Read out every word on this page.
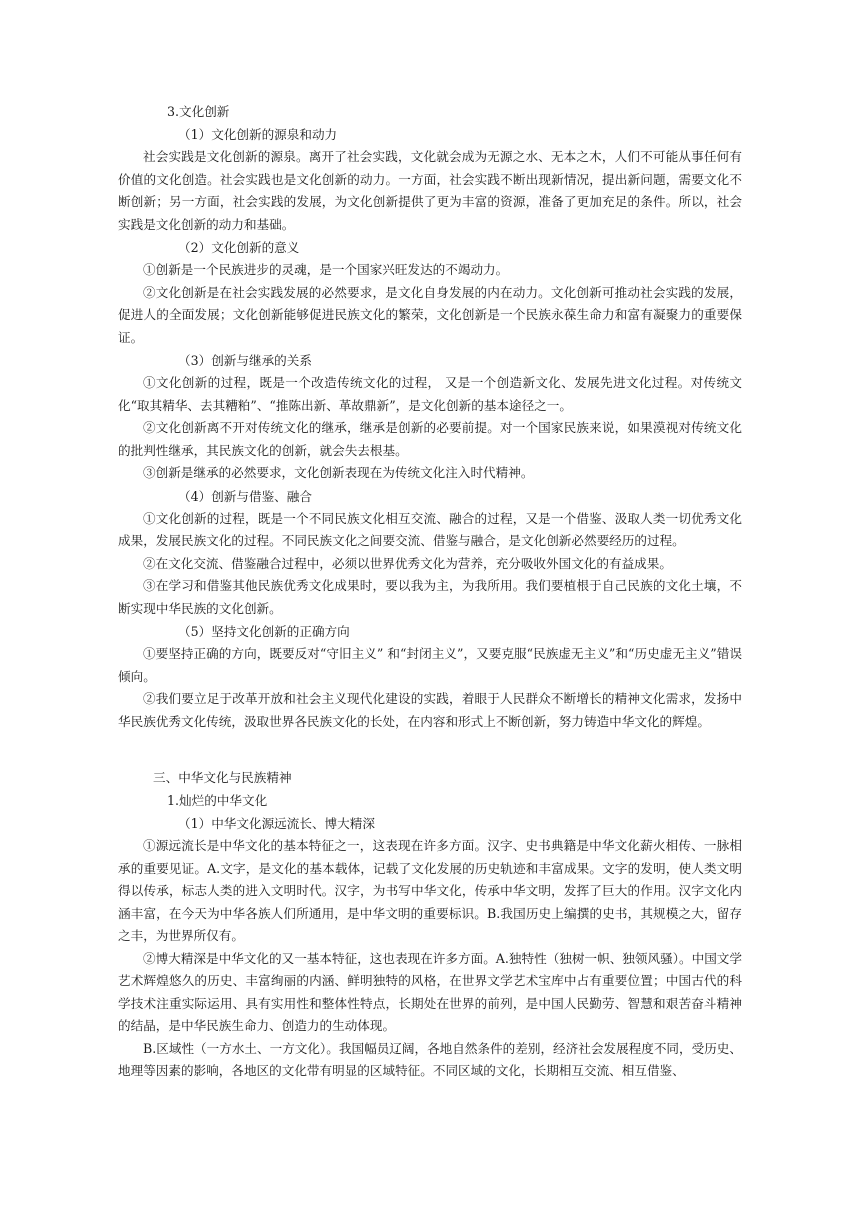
3.文化创新

（1）文化创新的源泉和动力

社会实践是文化创新的源泉。离开了社会实践，文化就会成为无源之水、无本之木，人们不可能从事任何有价值的文化创造。社会实践也是文化创新的动力。一方面，社会实践不断出现新情况，提出新问题，需要文化不断创新；另一方面，社会实践的发展，为文化创新提供了更为丰富的资源，准备了更加充足的条件。所以，社会实践是文化创新的动力和基础。

（2）文化创新的意义

①创新是一个民族进步的灵魂，是一个国家兴旺发达的不竭动力。

②文化创新是在社会实践发展的必然要求，是文化自身发展的内在动力。文化创新可推动社会实践的发展，促进人的全面发展；文化创新能够促进民族文化的繁荣，文化创新是一个民族永葆生命力和富有凝聚力的重要保证。

（3）创新与继承的关系

①文化创新的过程，既是一个改造传统文化的过程， 又是一个创造新文化、发展先进文化过程。对传统文化“取其精华、去其糟粕”、“推陈出新、革故鼎新”，是文化创新的基本途径之一。

②文化创新离不开对传统文化的继承，继承是创新的必要前提。对一个国家民族来说，如果漠视对传统文化的批判性继承，其民族文化的创新，就会失去根基。

③创新是继承的必然要求，文化创新表现在为传统文化注入时代精神。

（4）创新与借鉴、融合

①文化创新的过程，既是一个不同民族文化相互交流、融合的过程，又是一个借鉴、汲取人类一切优秀文化成果，发展民族文化的过程。不同民族文化之间要交流、借鉴与融合，是文化创新必然要经历的过程。

②在文化交流、借鉴融合过程中，必须以世界优秀文化为营养，充分吸收外国文化的有益成果。

③在学习和借鉴其他民族优秀文化成果时，要以我为主，为我所用。我们要植根于自己民族的文化土壤，不断实现中华民族的文化创新。

（5）坚持文化创新的正确方向

①要坚持正确的方向，既要反对“守旧主义” 和“封闭主义”，又要克服“民族虚无主义”和“历史虚无主义”错误倾向。

②我们要立足于改革开放和社会主义现代化建设的实践，着眼于人民群众不断增长的精神文化需求，发扬中华民族优秀文化传统，汲取世界各民族文化的长处，在内容和形式上不断创新，努力铸造中华文化的辉煌。

三、中华文化与民族精神

1.灿烂的中华文化

（1）中华文化源远流长、博大精深

①源远流长是中华文化的基本特征之一，这表现在许多方面。汉字、史书典籍是中华文化薪火相传、一脉相承的重要见证。A.文字，是文化的基本载体，记载了文化发展的历史轨迹和丰富成果。文字的发明，使人类文明得以传承，标志人类的进入文明时代。汉字，为书写中华文化，传承中华文明，发挥了巨大的作用。汉字文化内涵丰富，在今天为中华各族人们所通用，是中华文明的重要标识。B.我国历史上编撰的史书，其规模之大，留存之丰，为世界所仅有。

②博大精深是中华文化的又一基本特征，这也表现在许多方面。A.独特性（独树一帜、独领风骚）。中国文学艺术辉煌悠久的历史、丰富绚丽的内涵、鲜明独特的风格，在世界文学艺术宝库中占有重要位置；中国古代的科学技术注重实际运用、具有实用性和整体性特点，长期处在世界的前列，是中国人民勤劳、智慧和艰苦奋斗精神的结晶，是中华民族生命力、创造力的生动体现。

B.区域性（一方水土、一方文化）。我国幅员辽阔，各地自然条件的差别，经济社会发展程度不同，受历史、地理等因素的影响，各地区的文化带有明显的区域特征。不同区域的文化，长期相互交流、相互借鉴、
